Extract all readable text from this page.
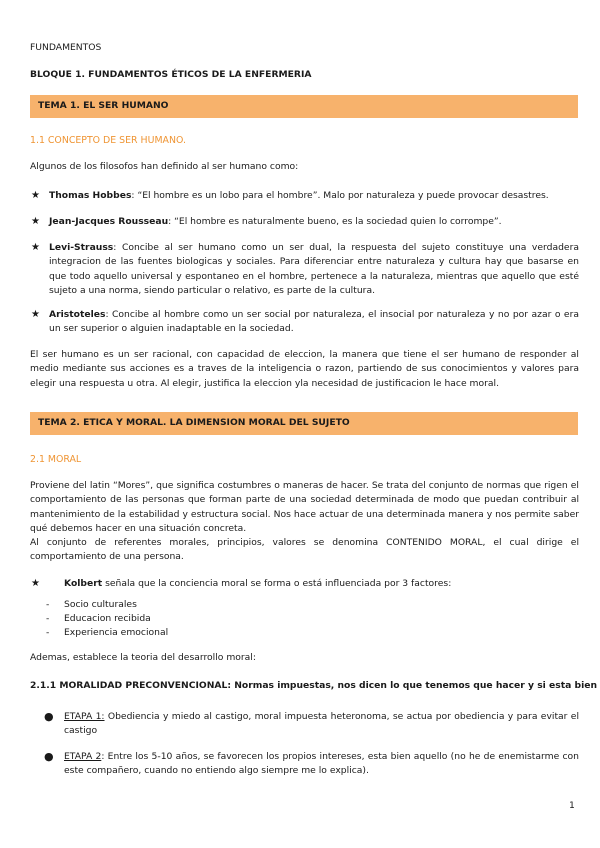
FUNDAMENTOS
BLOQUE 1. FUNDAMENTOS ÉTICOS DE LA ENFERMERIA
TEMA 1. EL SER HUMANO
1.1 CONCEPTO DE SER HUMANO.
Algunos de los filosofos han definido al ser humano como:
★ Thomas Hobbes: “El hombre es un lobo para el hombre”. Malo por naturaleza y puede provocar desastres.
★ Jean-Jacques Rousseau: “El hombre es naturalmente bueno, es la sociedad quien lo corrompe”.
★ Levi-Strauss: Concibe al ser humano como un ser dual, la respuesta del sujeto constituye una verdadera integracion de las fuentes biologicas y sociales. Para diferenciar entre naturaleza y cultura hay que basarse en que todo aquello universal y espontaneo en el hombre, pertenece a la naturaleza, mientras que aquello que esté sujeto a una norma, siendo particular o relativo, es parte de la cultura.
★ Aristoteles: Concibe al hombre como un ser social por naturaleza, el insocial por naturaleza y no por azar o era un ser superior o alguien inadaptable en la sociedad.
El ser humano es un ser racional, con capacidad de eleccion, la manera que tiene el ser humano de responder al medio mediante sus acciones es a traves de la inteligencia o razon, partiendo de sus conocimientos y valores para elegir una respuesta u otra. Al elegir, justifica la eleccion yla necesidad de justificacion le hace moral.
TEMA 2. ETICA Y MORAL. LA DIMENSION MORAL DEL SUJETO
2.1 MORAL
Proviene del latin “Mores”, que significa costumbres o maneras de hacer. Se trata del conjunto de normas que rigen el comportamiento de las personas que forman parte de una sociedad determinada de modo que puedan contribuir al mantenimiento de la estabilidad y estructura social. Nos hace actuar de una determinada manera y nos permite saber qué debemos hacer en una situación concreta.
Al conjunto de referentes morales, principios, valores se denomina CONTENIDO MORAL, el cual dirige el comportamiento de una persona.
★	Kolbert señala que la conciencia moral se forma o está influenciada por 3 factores:
- Socio culturales
- Educacion recibida
- Experiencia emocional
Ademas, establece la teoria del desarrollo moral:
2.1.1 MORALIDAD PRECONVENCIONAL: Normas impuestas, nos dicen lo que tenemos que hacer y si esta bien
● ETAPA 1: Obediencia y miedo al castigo, moral impuesta heteronoma, se actua por obediencia y para evitar el castigo
● ETAPA 2: Entre los 5-10 años, se favorecen los propios intereses, esta bien aquello (no he de enemistarme con este compañero, cuando no entiendo algo siempre me lo explica).
1
